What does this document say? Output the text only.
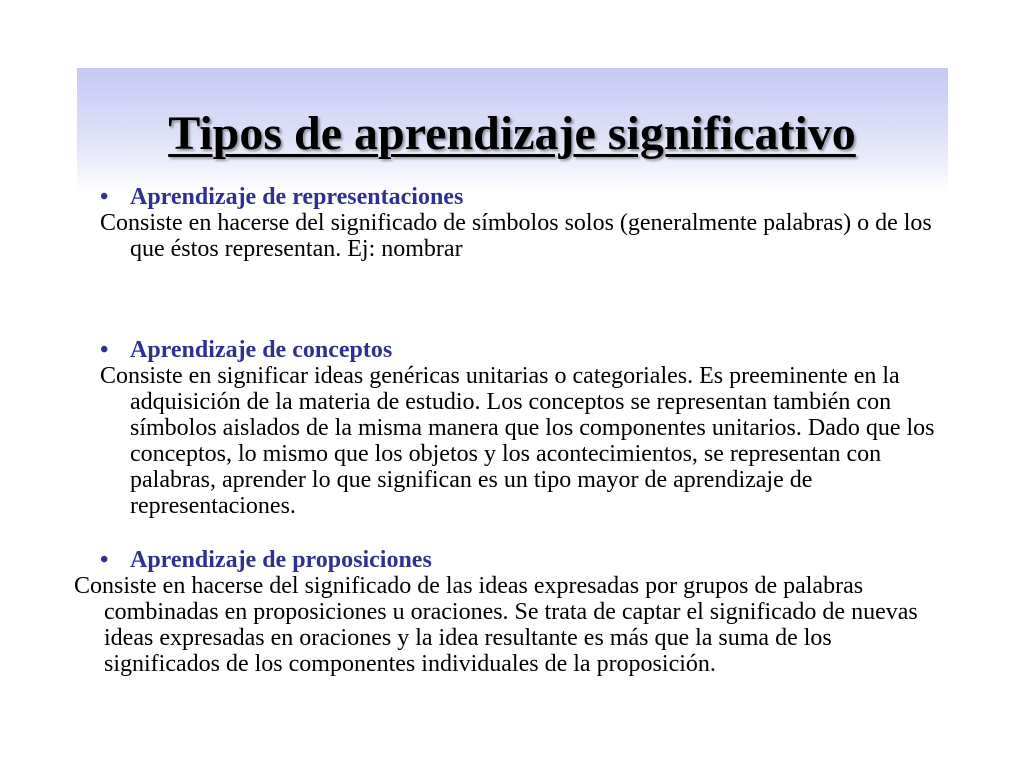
Tipos de aprendizaje significativo

• Aprendizaje de representaciones

Consiste en hacerse del significado de símbolos solos (generalmente palabras) o de los que éstos representan. Ej: nombrar

• Aprendizaje de conceptos

Consiste en significar ideas genéricas unitarias o categoriales. Es preeminente en la adquisición de la materia de estudio. Los conceptos se representan también con símbolos aislados de la misma manera que los componentes unitarios. Dado que los conceptos, lo mismo que los objetos y los acontecimientos, se representan con palabras, aprender lo que significan es un tipo mayor de aprendizaje de representaciones.

• Aprendizaje de proposiciones

Consiste en hacerse del significado de las ideas expresadas por grupos de palabras combinadas en proposiciones u oraciones. Se trata de captar el significado de nuevas ideas expresadas en oraciones y la idea resultante es más que la suma de los significados de los componentes individuales de la proposición.
